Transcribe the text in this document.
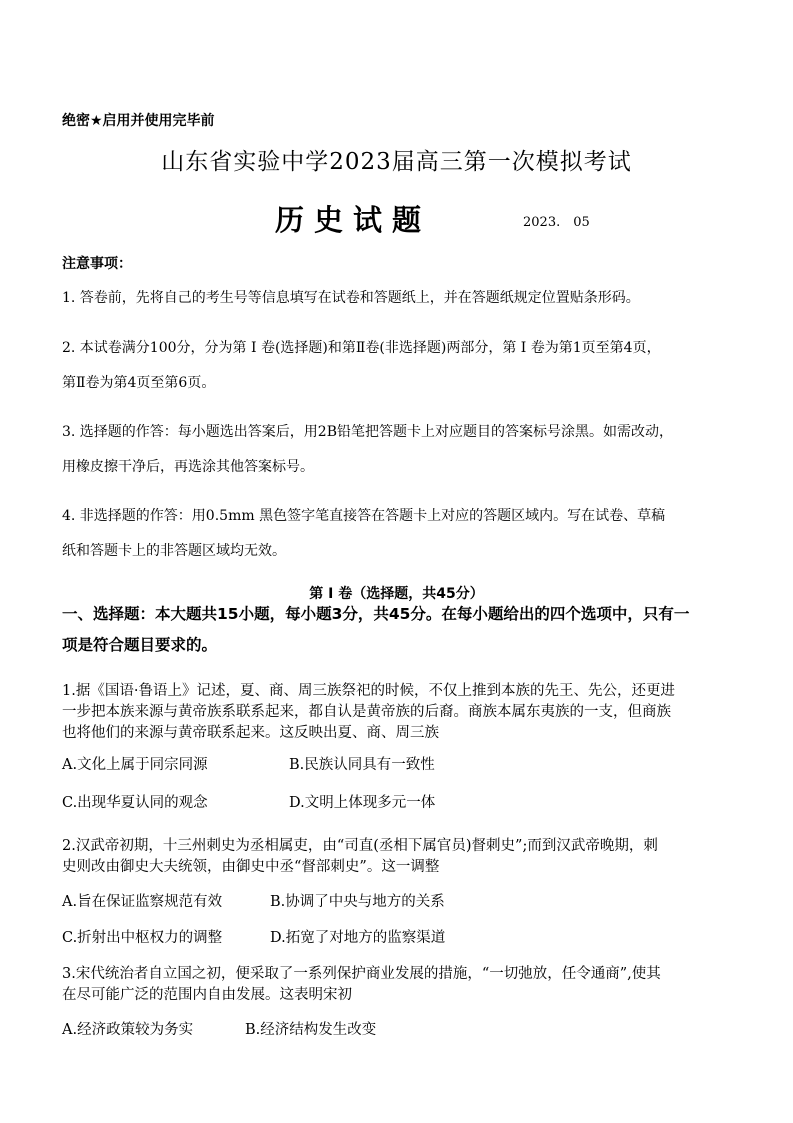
绝密★启用并使用完毕前
山东省实验中学2023届高三第一次模拟考试
历史试题	2023.　05
注意事项：
1. 答卷前，先将自己的考生号等信息填写在试卷和答题纸上，并在答题纸规定位置贴条形码。
2. 本试卷满分100分，分为第 Ⅰ 卷(选择题)和第Ⅱ卷(非选择题)两部分，第 Ⅰ 卷为第1页至第4页，
第Ⅱ卷为第4页至第6页。
3. 选择题的作答：每小题选出答案后，用2B铅笔把答题卡上对应题目的答案标号涂黑。如需改动，
用橡皮擦干净后，再选涂其他答案标号。
4. 非选择题的作答：用0.5mm 黑色签字笔直接答在答题卡上对应的答题区域内。写在试卷、草稿
纸和答题卡上的非答题区域均无效。
第 Ⅰ 卷（选择题，共45分）
一、选择题：本大题共15小题，每小题3分，共45分。在每小题给出的四个选项中，只有一
项是符合题目要求的。
1.据《国语·鲁语上》记述，夏、商、周三族祭祀的时候，不仅上推到本族的先王、先公，还更进
一步把本族来源与黄帝族系联系起来，都自认是黄帝族的后裔。商族本属东夷族的一支，但商族
也将他们的来源与黄帝联系起来。这反映出夏、商、周三族
A.文化上属于同宗同源	B.民族认同具有一致性
C.出现华夏认同的观念	D.文明上体现多元一体
2.汉武帝初期，十三州刺史为丞相属吏，由“司直(丞相下属官员)督刺史”;而到汉武帝晚期，刺
史则改由御史大夫统领，由御史中丞“督部刺史”。这一调整
A.旨在保证监察规范有效	B.协调了中央与地方的关系
C.折射出中枢权力的调整	D.拓宽了对地方的监察渠道
3.宋代统治者自立国之初，便采取了一系列保护商业发展的措施，“一切弛放，任令通商”,使其
在尽可能广泛的范围内自由发展。这表明宋初
A.经济政策较为务实	B.经济结构发生改变
